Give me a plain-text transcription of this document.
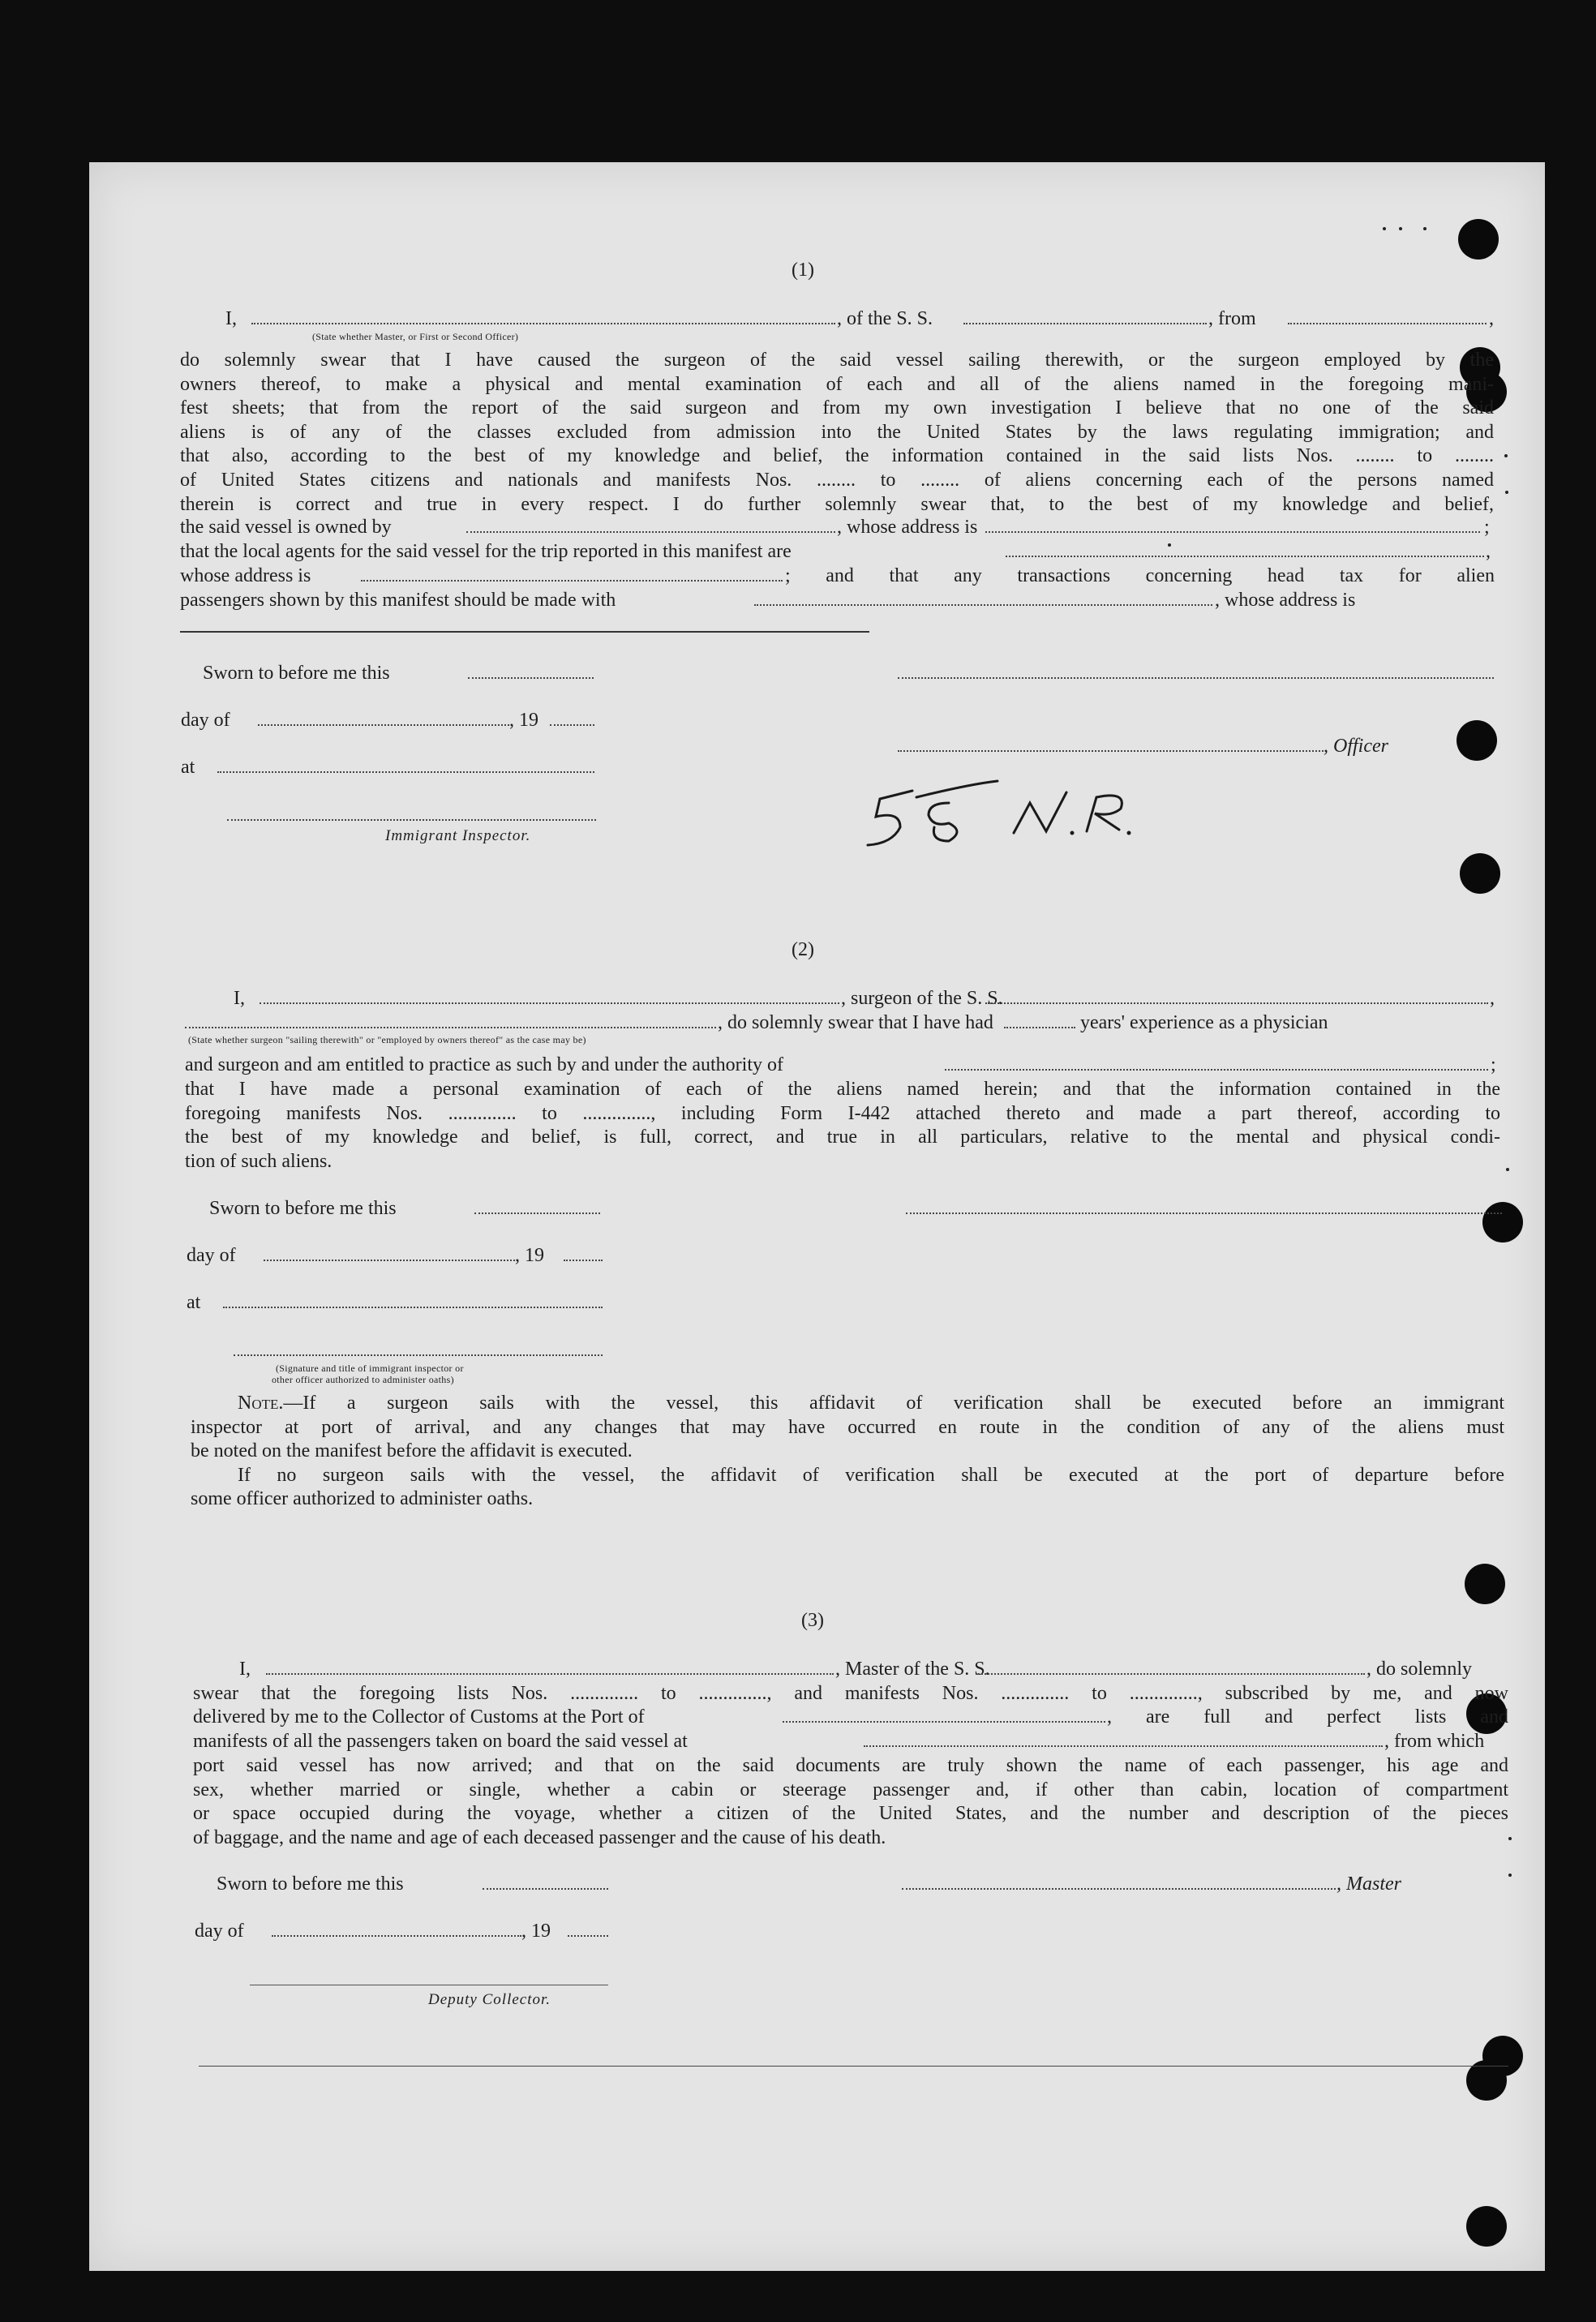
(1)
I,	, of the S. S.	, from	,
(State whether Master, or First or Second Officer)

do solemnly swear that I have caused the surgeon of the said vessel sailing therewith, or the surgeon employed by the

owners thereof, to make a physical and mental examination of each and all of the aliens named in the foregoing mani-

fest sheets; that from the report of the said surgeon and from my own investigation I believe that no one of the said

aliens is of any of the classes excluded from admission into the United States by the laws regulating immigration; and

that also, according to the best of my knowledge and belief, the information contained in the said lists Nos. ........ to ........

of United States citizens and nationals and manifests Nos. ........ to ........ of aliens concerning each of the persons named

therein is correct and true in every respect. I do further solemnly swear that, to the best of my knowledge and belief,

the said vessel is owned by	, whose address is	;
that the local agents for the said vessel for the trip reported in this manifest are	,
whose address is	; and that any transactions concerning head tax for alien
passengers shown by this manifest should be made with	, whose address is
Sworn to before me this
day of	, 19
, Officer
at
Immigrant Inspector.
(2)
I,	, surgeon of the S. S.	,
, do solemnly swear that I have had	years' experience as a physician
(State whether surgeon "sailing therewith" or "employed by owners thereof" as the case may be)
and surgeon and am entitled to practice as such by and under the authority of	;

that I have made a personal examination of each of the aliens named herein; and that the information contained in the

foregoing manifests Nos. .............. to .............., including Form I-442 attached thereto and made a part thereof, according to

the best of my knowledge and belief, is full, correct, and true in all particulars, relative to the mental and physical condi-

tion of such aliens.

Sworn to before me this
day of	, 19
at
(Signature and title of immigrant inspector or
other officer authorized to administer oaths)

Note.—If a surgeon sails with the vessel, this affidavit of verification shall be executed before an immigrant

inspector at port of arrival, and any changes that may have occurred en route in the condition of any of the aliens must

be noted on the manifest before the affidavit is executed.

If no surgeon sails with the vessel, the affidavit of verification shall be executed at the port of departure before

some officer authorized to administer oaths.

(3)
I,	, Master of the S. S.	, do solemnly

swear that the foregoing lists Nos. .............. to .............., and manifests Nos. .............. to .............., subscribed by me, and now

delivered by me to the Collector of Customs at the Port of	, are full and perfect lists and
manifests of all the passengers taken on board the said vessel at	, from which

port said vessel has now arrived; and that on the said documents are truly shown the name of each passenger, his age and

sex, whether married or single, whether a cabin or steerage passenger and, if other than cabin, location of compartment

or space occupied during the voyage, whether a citizen of the United States, and the number and description of the pieces

of baggage, and the name and age of each deceased passenger and the cause of his death.

Sworn to before me this	, Master
day of	, 19
Deputy Collector.
